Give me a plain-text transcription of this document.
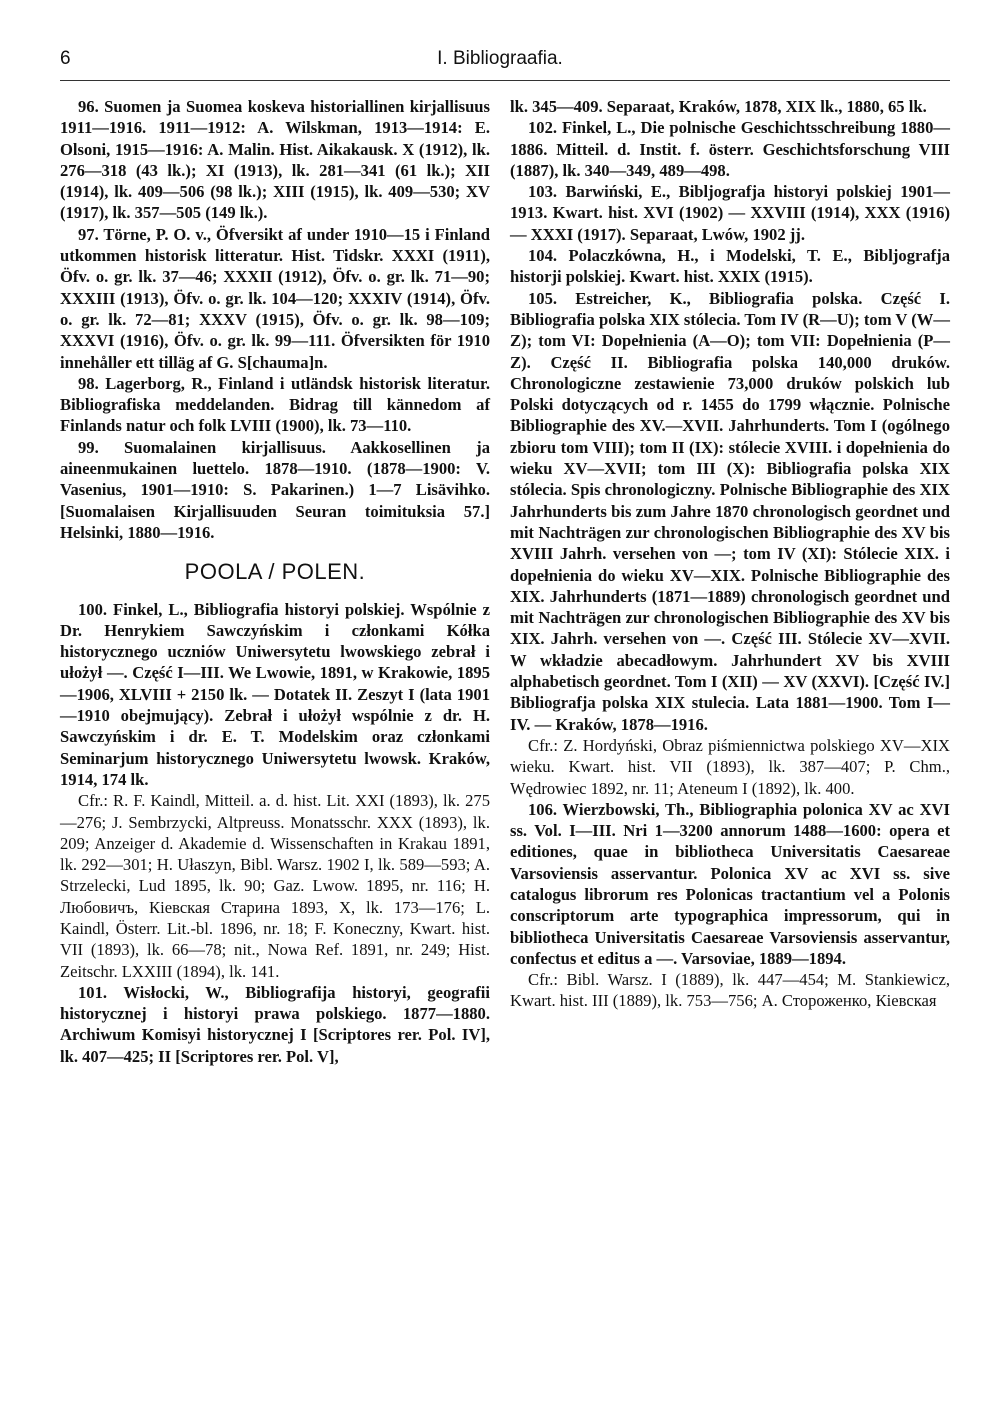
6	I. Bibliograafia.

96. Suomen ja Suomea koskeva historiallinen kirjallisuus 1911—1916. 1911—1912: A. Wilskman, 1913—1914: E. Olsoni, 1915—1916: A. Malin. Hist. Aikakausk. X (1912), lk. 276—318 (43 lk.); XI (1913), lk. 281—341 (61 lk.); XII (1914), lk. 409—506 (98 lk.); XIII (1915), lk. 409—530; XV (1917), lk. 357—505 (149 lk.).

97. Törne, P. O. v., Öfversikt af under 1910—15 i Finland utkommen historisk litteratur. Hist. Tidskr. XXXI (1911), Öfv. o. gr. lk. 37—46; XXXII (1912), Öfv. o. gr. lk. 71—90; XXXIII (1913), Öfv. o. gr. lk. 104—120; XXXIV (1914), Öfv. o. gr. lk. 72—81; XXXV (1915), Öfv. o. gr. lk. 98—109; XXXVI (1916), Öfv. o. gr. lk. 99—111. Öfversikten för 1910 innehåller ett tilläg af G. S[chauma]n.

98. Lagerborg, R., Finland i utländsk historisk literatur. Bibliografiska meddelanden. Bidrag till kännedom af Finlands natur och folk LVIII (1900), lk. 73—110.

99. Suomalainen kirjallisuus. Aakkosellinen ja aineenmukainen luettelo. 1878—1910. (1878—1900: V. Vasenius, 1901—1910: S. Pakarinen.) 1—7 Lisävihko. [Suomalaisen Kirjallisuuden Seuran toimituksia 57.] Helsinki, 1880—1916.

POOLA / POLEN.

100. Finkel, L., Bibliografia historyi polskiej. Wspólnie z Dr. Henrykiem Sawczyńskim i członkami Kółka historycznego uczniów Uniwersytetu lwowskiego zebrał i ułożył —. Część I—III. We Lwowie, 1891, w Krakowie, 1895—1906, XLVIII + 2150 lk. — Dotatek II. Zeszyt I (lata 1901—1910 obejmujący). Zebrał i ułożył wspólnie z dr. H. Sawczyńskim i dr. E. T. Modelskim oraz członkami Seminarjum historycznego Uniwersytetu lwowsk. Kraków, 1914, 174 lk.

Cfr.: R. F. Kaindl, Mitteil. a. d. hist. Lit. XXI (1893), lk. 275—276; J. Sembrzycki, Altpreuss. Monatsschr. XXX (1893), lk. 209; Anzeiger d. Akademie d. Wissenschaften in Krakau 1891, lk. 292—301; H. Ułaszyn, Bibl. Warsz. 1902 I, lk. 589—593; A. Strzelecki, Lud 1895, lk. 90; Gaz. Lwow. 1895, nr. 116; Н. Любовичъ, Кіевская Старина 1893, X, lk. 173—176; L. Kaindl, Österr. Lit.-bl. 1896, nr. 18; F. Koneczny, Kwart. hist. VII (1893), lk. 66—78; nit., Nowa Ref. 1891, nr. 249; Hist. Zeitschr. LXXIII (1894), lk. 141.

101. Wisłocki, W., Bibliografija historyi, geografii historycznej i historyi prawa polskiego. 1877—1880. Archiwum Komisyi historycznej I [Scriptores rer. Pol. IV], lk. 407—425; II [Scriptores rer. Pol. V],

lk. 345—409. Separaat, Kraków, 1878, XIX lk., 1880, 65 lk.

102. Finkel, L., Die polnische Geschichtsschreibung 1880—1886. Mitteil. d. Instit. f. österr. Geschichtsforschung VIII (1887), lk. 340—349, 489—498.

103. Barwiński, E., Bibljografja historyi polskiej 1901—1913. Kwart. hist. XVI (1902) — XXVIII (1914), XXX (1916) — XXXI (1917). Separaat, Lwów, 1902 jj.

104. Polaczkówna, H., i Modelski, T. E., Bibljografja historji polskiej. Kwart. hist. XXIX (1915).

105. Estreicher, K., Bibliografia polska. Część I. Bibliografia polska XIX stólecia. Tom IV (R—U); tom V (W—Z); tom VI: Dopełnienia (A—O); tom VII: Dopełnienia (P—Z). Część II. Bibliografia polska 140,000 druków. Chronologiczne zestawienie 73,000 druków polskich lub Polski dotyczących od r. 1455 do 1799 włącznie. Polnische Bibliographie des XV.—XVII. Jahrhunderts. Tom I (ogólnego zbioru tom VIII); tom II (IX): stólecie XVIII. i dopełnienia do wieku XV—XVII; tom III (X): Bibliografia polska XIX stólecia. Spis chronologiczny. Polnische Bibliographie des XIX Jahrhunderts bis zum Jahre 1870 chronologisch geordnet und mit Nachträgen zur chronologischen Bibliographie des XV bis XVIII Jahrh. versehen von —; tom IV (XI): Stólecie XIX. i dopełnienia do wieku XV—XIX. Polnische Bibliographie des XIX. Jahrhunderts (1871—1889) chronologisch geordnet und mit Nachträgen zur chronologischen Bibliographie des XV bis XIX. Jahrh. versehen von —. Część III. Stólecie XV—XVII. W wkładzie abecadłowym. Jahrhundert XV bis XVIII alphabetisch geordnet. Tom I (XII) — XV (XXVI). [Część IV.] Bibliografja polska XIX stulecia. Lata 1881—1900. Tom I—IV. — Kraków, 1878—1916.

Cfr.: Z. Hordyński, Obraz piśmiennictwa polskiego XV—XIX wieku. Kwart. hist. VII (1893), lk. 387—407; P. Chm., Wędrowiec 1892, nr. 11; Ateneum I (1892), lk. 400.

106. Wierzbowski, Th., Bibliographia polonica XV ac XVI ss. Vol. I—III. Nri 1—3200 annorum 1488—1600: opera et editiones, quae in bibliotheca Universitatis Caesareae Varsoviensis asservantur. Polonica XV ac XVI ss. sive catalogus librorum res Polonicas tractantium vel a Polonis conscriptorum arte typographica impressorum, qui in bibliotheca Universitatis Caesareae Varsoviensis asservantur, confectus et editus a —. Varsoviae, 1889—1894.

Cfr.: Bibl. Warsz. I (1889), lk. 447—454; M. Stankiewicz, Kwart. hist. III (1889), lk. 753—756; А. Стороженко, Кіевская
